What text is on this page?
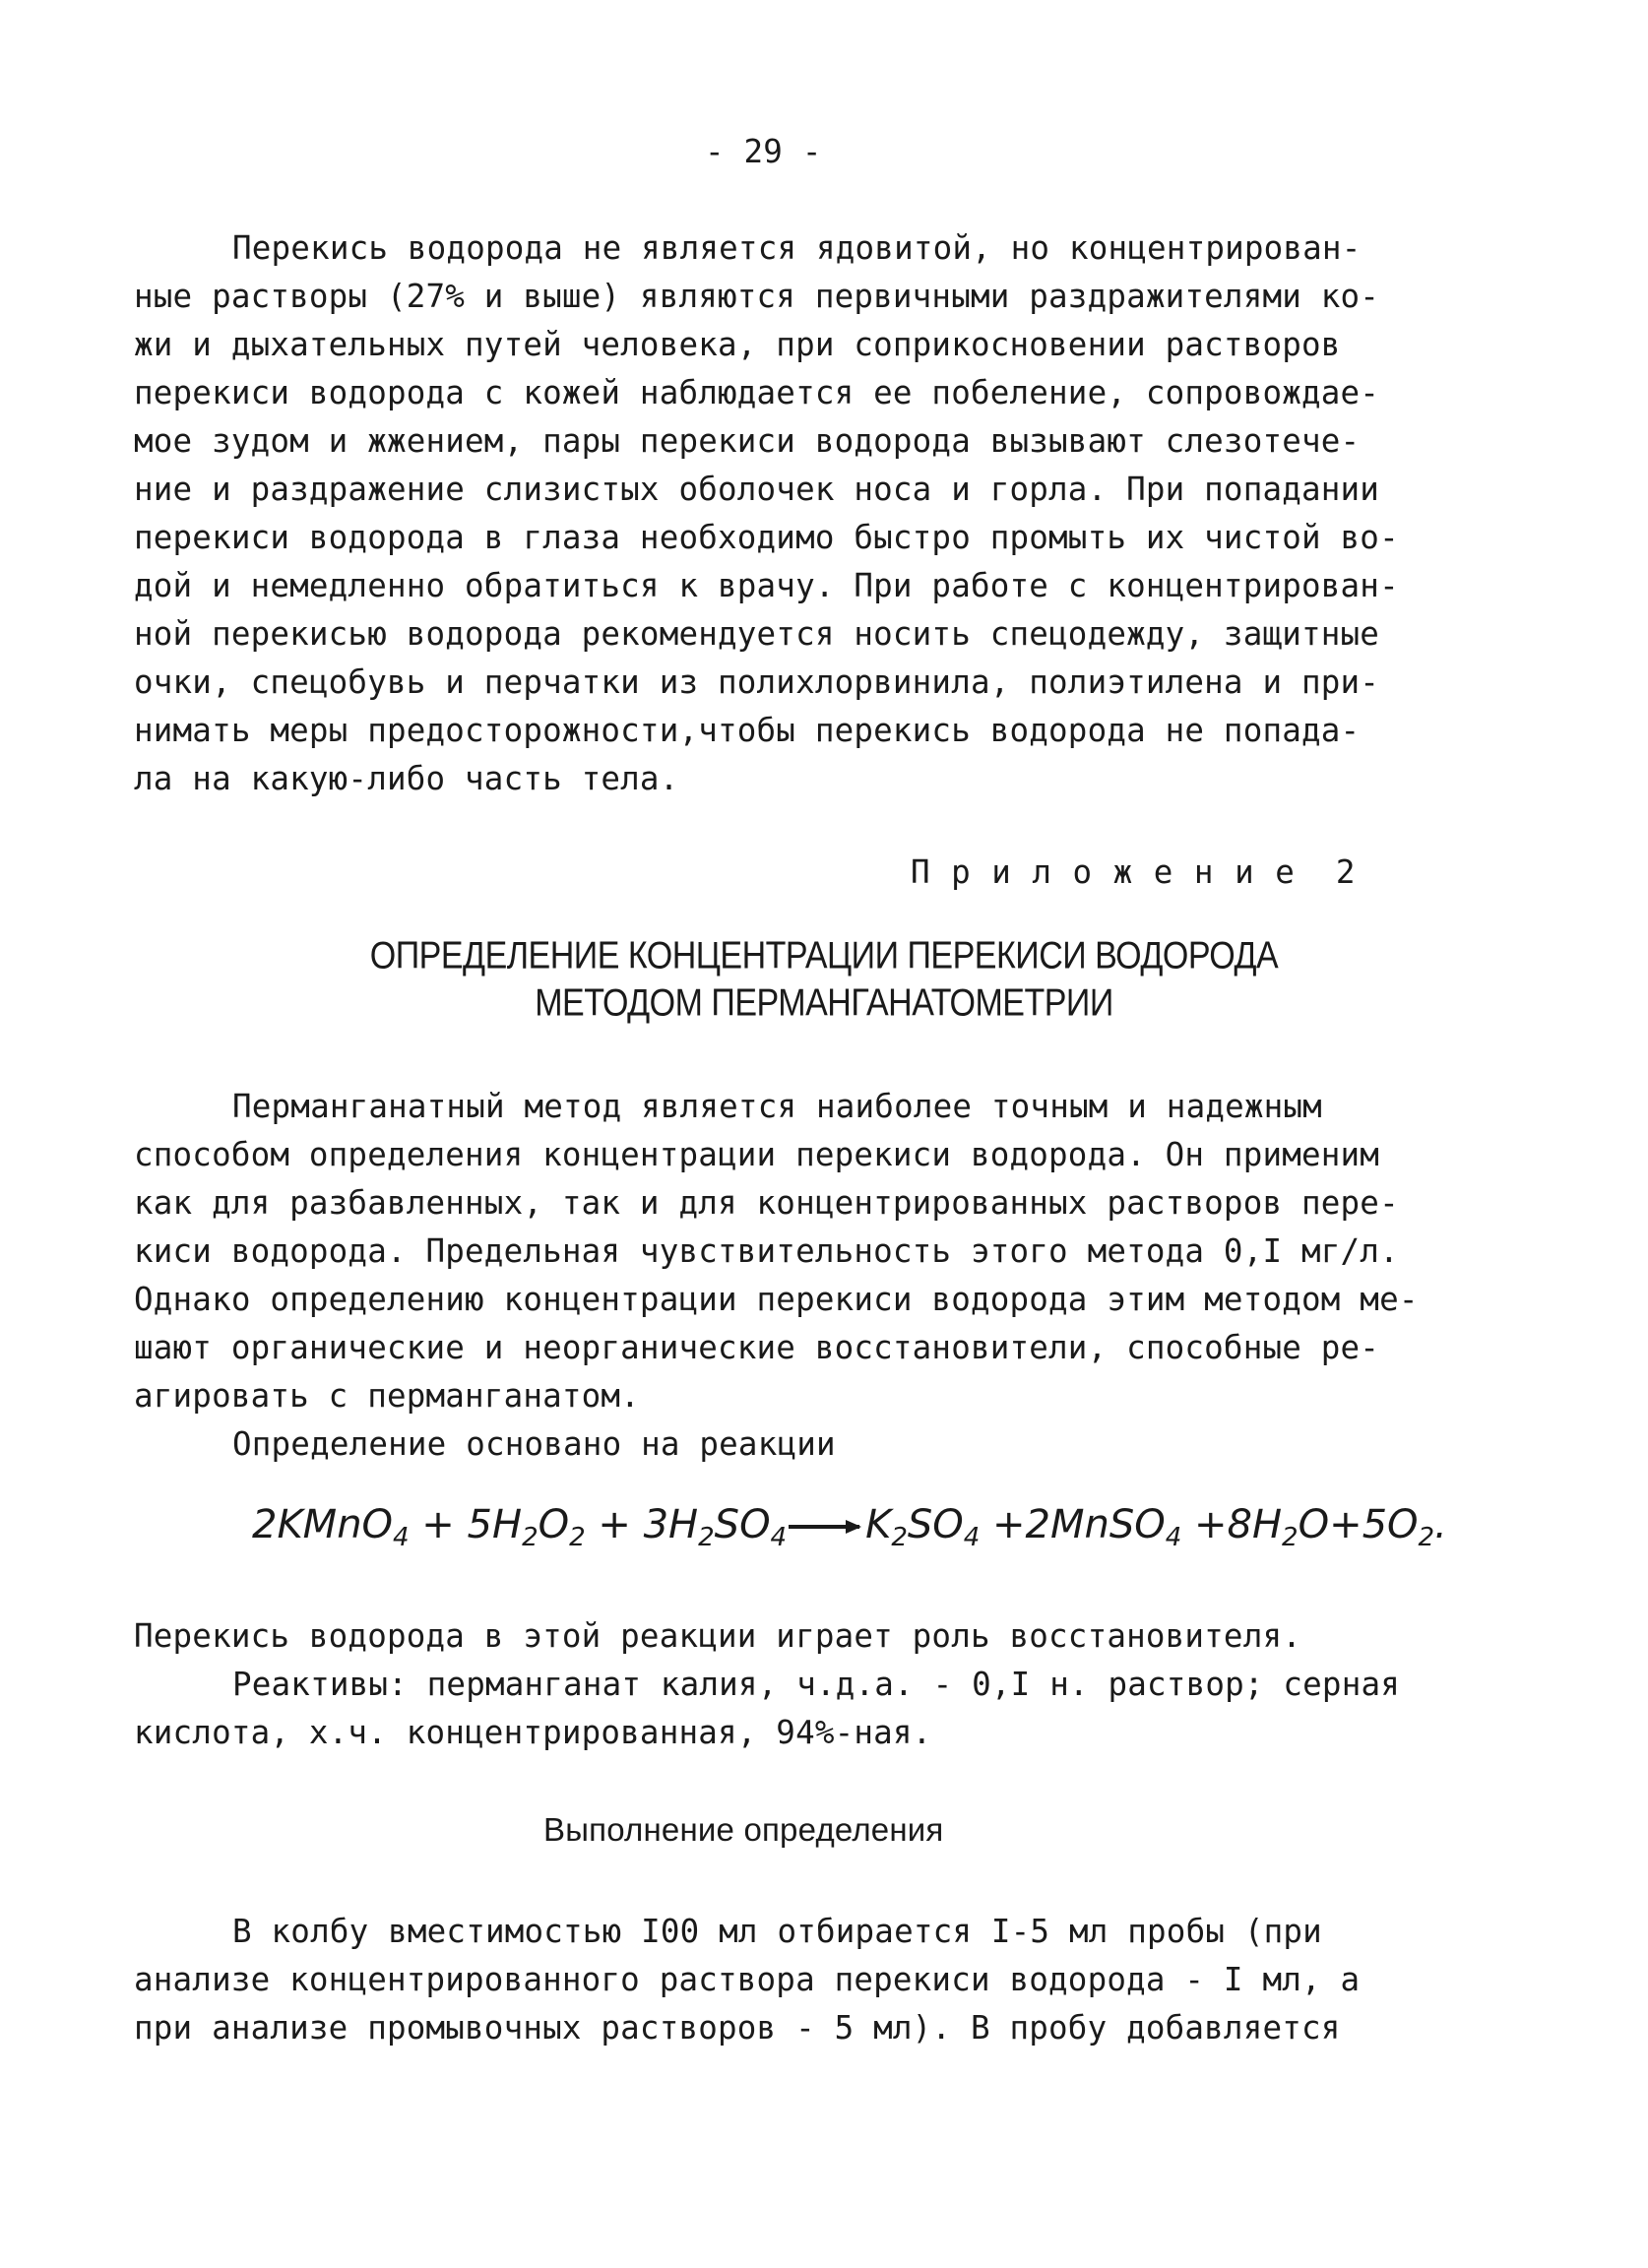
- 29 -
Перекись водорода не является ядовитой, но концентрирован-
ные растворы (27% и выше) являются первичными раздражителями ко-
жи и дыхательных путей человека, при соприкосновении растворов
перекиси водорода с кожей наблюдается ее побеление, сопровождае-
мое зудом и жжением, пары перекиси водорода вызывают слезотече-
ние и раздражение слизистых оболочек носа и горла. При попадании
перекиси водорода в глаза необходимо быстро промыть их чистой во-
дой и немедленно обратиться к врачу. При работе с концентрирован-
ной перекисью водорода рекомендуется носить спецодежду, защитные
очки, спецобувь и перчатки из полихлорвинила, полиэтилена и при-
нимать меры предосторожности,чтобы перекись водорода не попада-
ла на какую-либо часть тела.
П р и л о ж е н и е  2
ОПРЕДЕЛЕНИЕ КОНЦЕНТРАЦИИ ПЕРЕКИСИ ВОДОРОДА
МЕТОДОМ ПЕРМАНГАНАТОМЕТРИИ
Перманганатный метод является наиболее точным и надежным
способом определения концентрации перекиси водорода. Он применим
как для разбавленных, так и для концентрированных растворов пере-
киси водорода. Предельная чувствительность этого метода 0,I мг/л.
Однако определению концентрации перекиси водорода этим методом ме-
шают органические и неорганические восстановители, способные ре-
агировать с перманганатом.
Определение основано на реакции
2KMnO$_4$ + $5H_2O_2 + 3H_2SO_4 \to K_2SO_4$ +2MnSO$_4$ $+8H_2O+5O_2$.
Перекись водорода в этой реакции играет роль восстановителя.
Реактивы: перманганат калия, ч.д.а. - 0,I н. раствор; серная
кислота, х.ч. концентрированная, 94%-ная.
Выполнение определения
В колбу вместимостью I00 мл отбирается I-5 мл пробы (при
анализе концентрированного раствора перекиси водорода - I мл, а
при анализе промывочных растворов - 5 мл). В пробу добавляется
